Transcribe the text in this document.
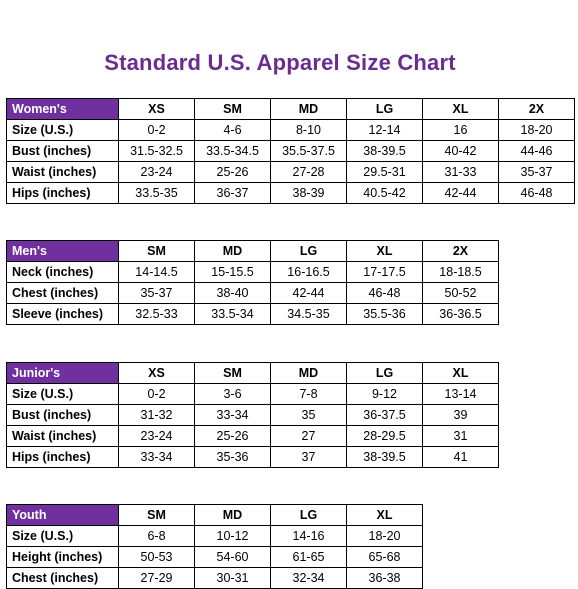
Standard U.S. Apparel Size Chart
Women's	XS	SM	MD	LG	XL	2X
Size (U.S.)	0-2	4-6	8-10	12-14	16	18-20
Bust (inches)	31.5-32.5	33.5-34.5	35.5-37.5	38-39.5	40-42	44-46
Waist (inches)	23-24	25-26	27-28	29.5-31	31-33	35-37
Hips (inches)	33.5-35	36-37	38-39	40.5-42	42-44	46-48
Men's	SM	MD	LG	XL	2X
Neck (inches)	14-14.5	15-15.5	16-16.5	17-17.5	18-18.5
Chest (inches)	35-37	38-40	42-44	46-48	50-52
Sleeve (inches)	32.5-33	33.5-34	34.5-35	35.5-36	36-36.5
Junior's	XS	SM	MD	LG	XL
Size (U.S.)	0-2	3-6	7-8	9-12	13-14
Bust (inches)	31-32	33-34	35	36-37.5	39
Waist (inches)	23-24	25-26	27	28-29.5	31
Hips (inches)	33-34	35-36	37	38-39.5	41
Youth	SM	MD	LG	XL
Size (U.S.)	6-8	10-12	14-16	18-20
Height (inches)	50-53	54-60	61-65	65-68
Chest (inches)	27-29	30-31	32-34	36-38
